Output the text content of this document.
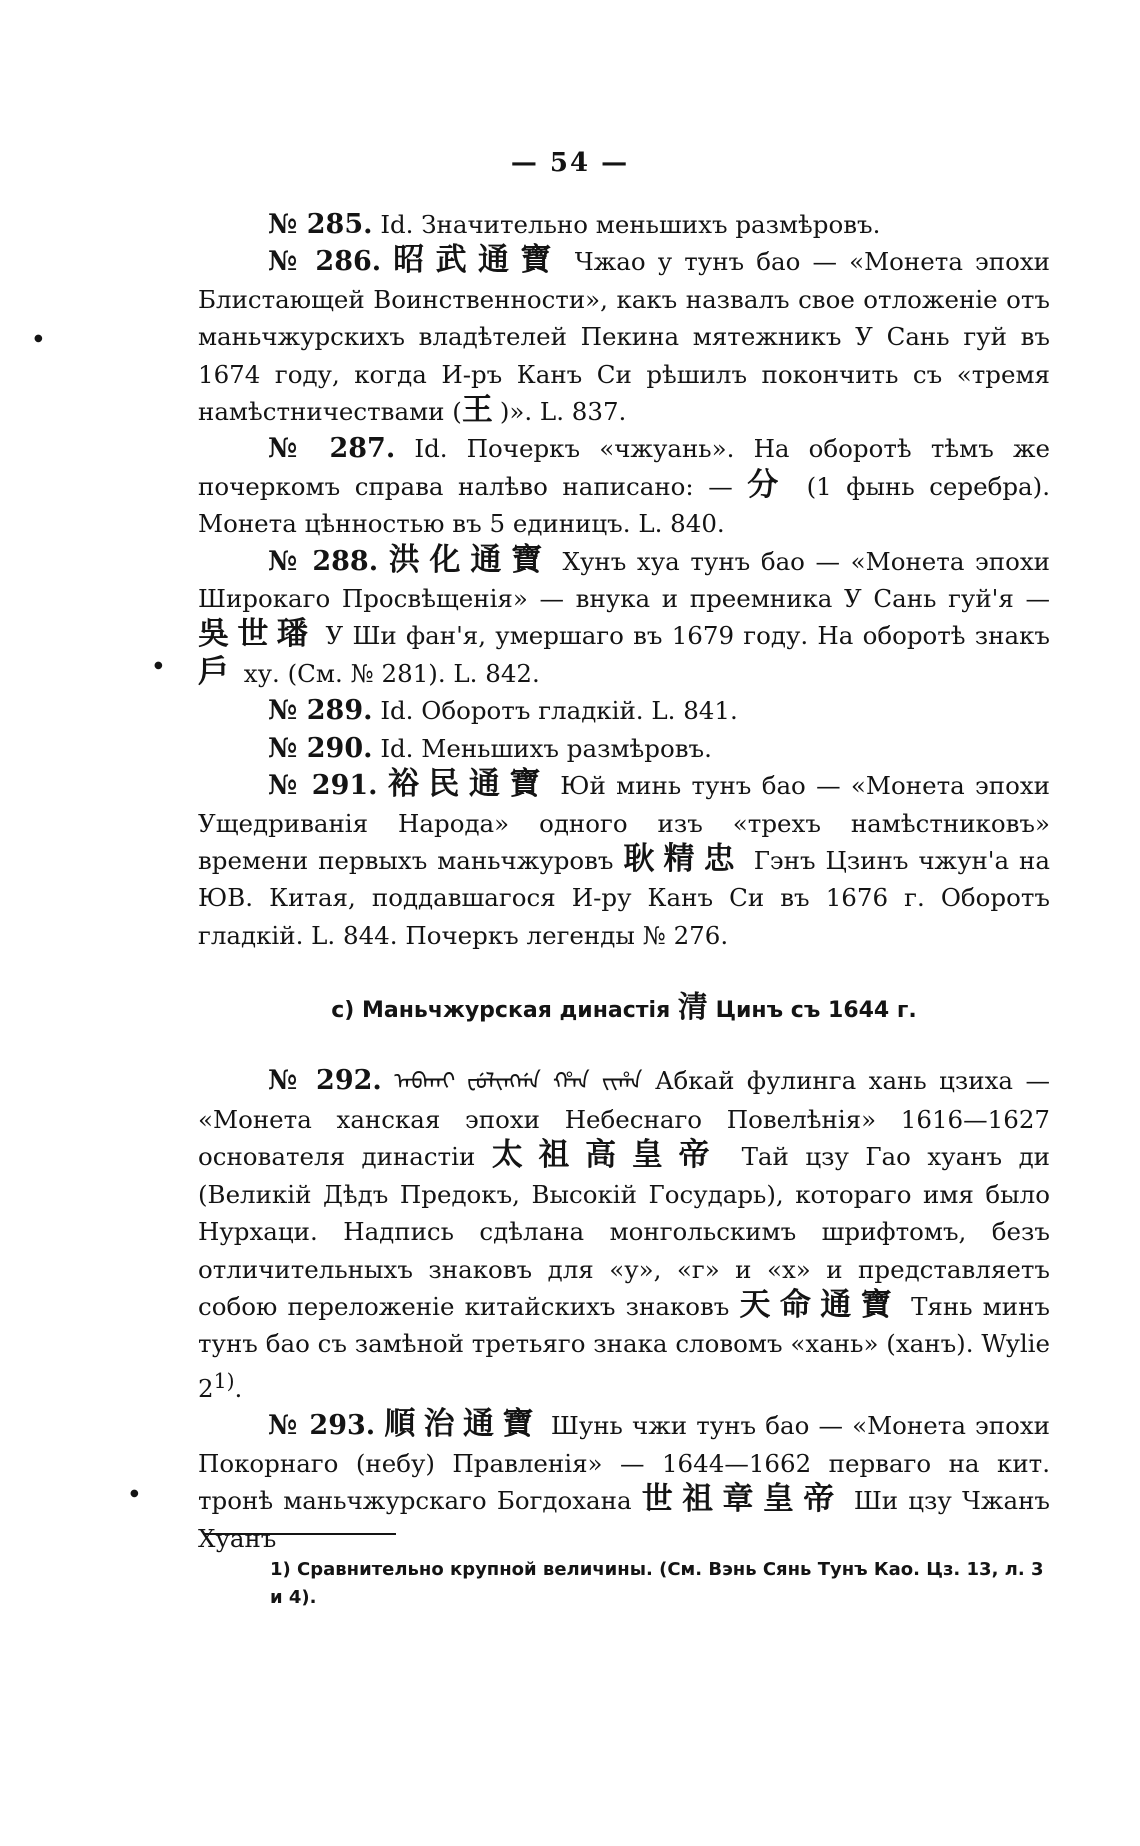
— 54 —

№ 285. Id. Значительно меньшихъ размѣровъ.

№ 286. 昭武通寶 Чжао у тунъ бао — «Монета эпохи Блистающей Воинственности», какъ назвалъ свое отложеніе отъ маньчжурскихъ владѣтелей Пекина мятежникъ У Сань гуй въ 1674 году, когда И-ръ Канъ Си рѣшилъ покончить съ «тремя намѣстничествами (王)». L. 837.

№ 287. Id. Почеркъ «чжуань». На оборотѣ тѣмъ же почеркомъ справа налѣво написано: — 分 (1 фынь серебра). Монета цѣнностью въ 5 единицъ. L. 840.

№ 288. 洪化通寶 Хунъ хуа тунъ бао — «Монета эпохи Широкаго Просвѣщенія» — внука и преемника У Сань гуй'я — 吳世璠 У Ши фан'я, умершаго въ 1679 году. На оборотѣ знакъ 戶 ху. (См. № 281). L. 842.

№ 289. Id. Оборотъ гладкій. L. 841.

№ 290. Id. Меньшихъ размѣровъ.

№ 291. 裕民通寶 Юй минь тунъ бао — «Монета эпохи Ущедриванія Народа» одного изъ «трехъ намѣстниковъ» времени первыхъ маньчжуровъ 耿精忠 Гэнъ Цзинъ чжун'а на ЮВ. Китая, поддавшагося И-ру Канъ Си въ 1676 г. Оборотъ гладкій. L. 844. Почеркъ легенды № 276.

c) Маньчжурская династія 清 Цинъ съ 1644 г.

№ 292. ᠠᠪᡴᠠᡳ ᡶᡠᠯᡳᠩᡤᠠ ᡥᠠᠨ ᠵᡳᡥᠠ Абкай фулинга хань цзиха — «Монета ханская эпохи Небеснаго Повелѣнія» 1616—1627 основателя династіи 太祖高皇帝 Тай цзу Гао хуанъ ди (Великій Дѣдъ Предокъ, Высокій Государь), котораго имя было Нурхаци. Надпись сдѣлана монгольскимъ шрифтомъ, безъ отличительныхъ знаковъ для «у», «г» и «х» и представляетъ собою переложеніе китайскихъ знаковъ 天命通寶 Тянь минъ тунъ бао съ замѣной третьяго знака словомъ «хань» (ханъ). Wylie 2$^{1)}$.

№ 293. 順治通寶 Шунь чжи тунъ бао — «Монета эпохи Покорнаго (небу) Правленія» — 1644—1662 перваго на кит. тронѣ маньчжурскаго Богдохана 世祖章皇帝 Ши цзу Чжанъ Хуанъ

1) Сравнительно крупной величины. (См. Вэнь Сянь Тунъ Као. Цз. 13, л. 3 и 4).
●
●
●
